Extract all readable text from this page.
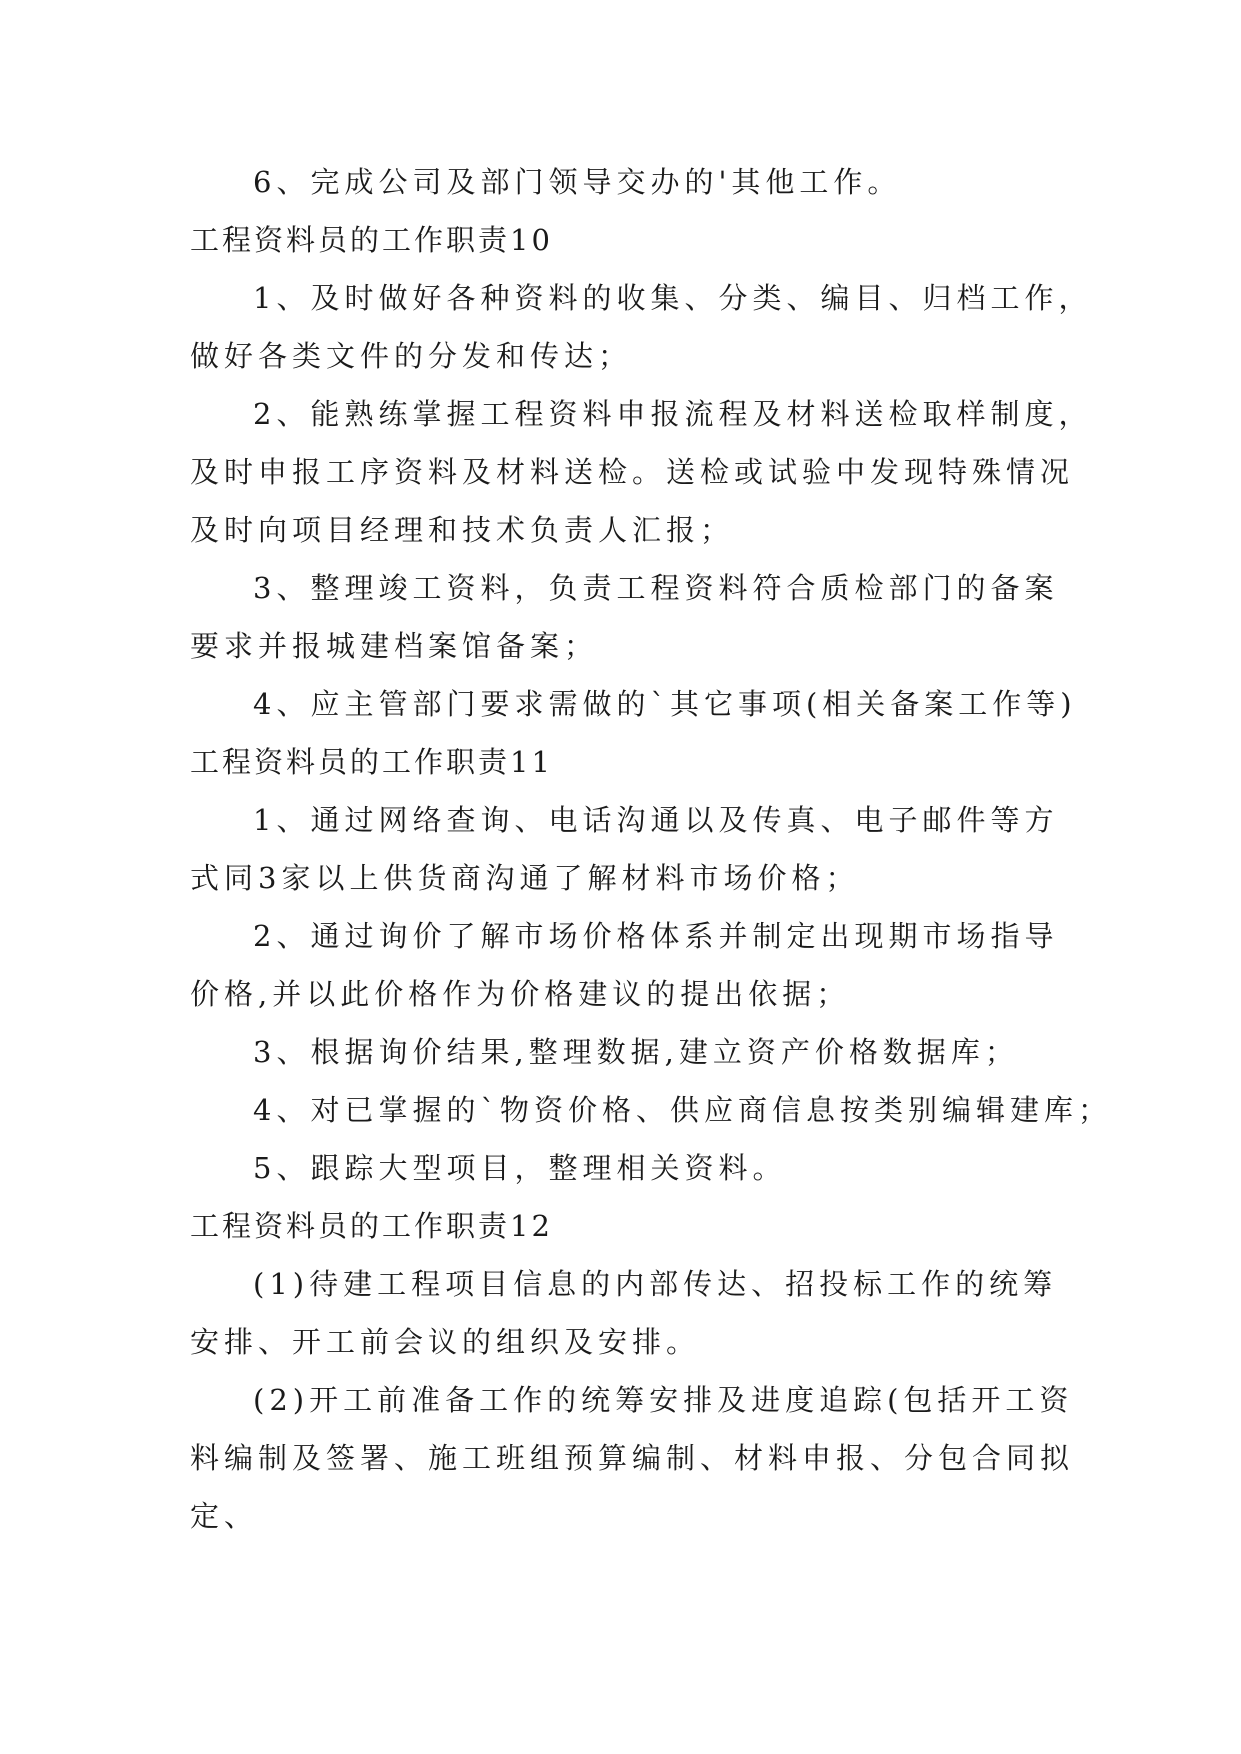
6、完成公司及部门领导交办的'其他工作。
工程资料员的工作职责10
1、及时做好各种资料的收集、分类、编目、归档工作，
做好各类文件的分发和传达；
2、能熟练掌握工程资料申报流程及材料送检取样制度，
及时申报工序资料及材料送检。送检或试验中发现特殊情况
及时向项目经理和技术负责人汇报；
3、整理竣工资料，负责工程资料符合质检部门的备案
要求并报城建档案馆备案；
4、应主管部门要求需做的`其它事项(相关备案工作等)
工程资料员的工作职责11
1、通过网络查询、电话沟通以及传真、电子邮件等方
式同3家以上供货商沟通了解材料市场价格；
2、通过询价了解市场价格体系并制定出现期市场指导
价格,并以此价格作为价格建议的提出依据；
3、根据询价结果,整理数据,建立资产价格数据库；
4、对已掌握的`物资价格、供应商信息按类别编辑建库；
5、跟踪大型项目，整理相关资料。
工程资料员的工作职责12
(1)待建工程项目信息的内部传达、招投标工作的统筹
安排、开工前会议的组织及安排。
(2)开工前准备工作的统筹安排及进度追踪(包括开工资
料编制及签署、施工班组预算编制、材料申报、分包合同拟
定、
